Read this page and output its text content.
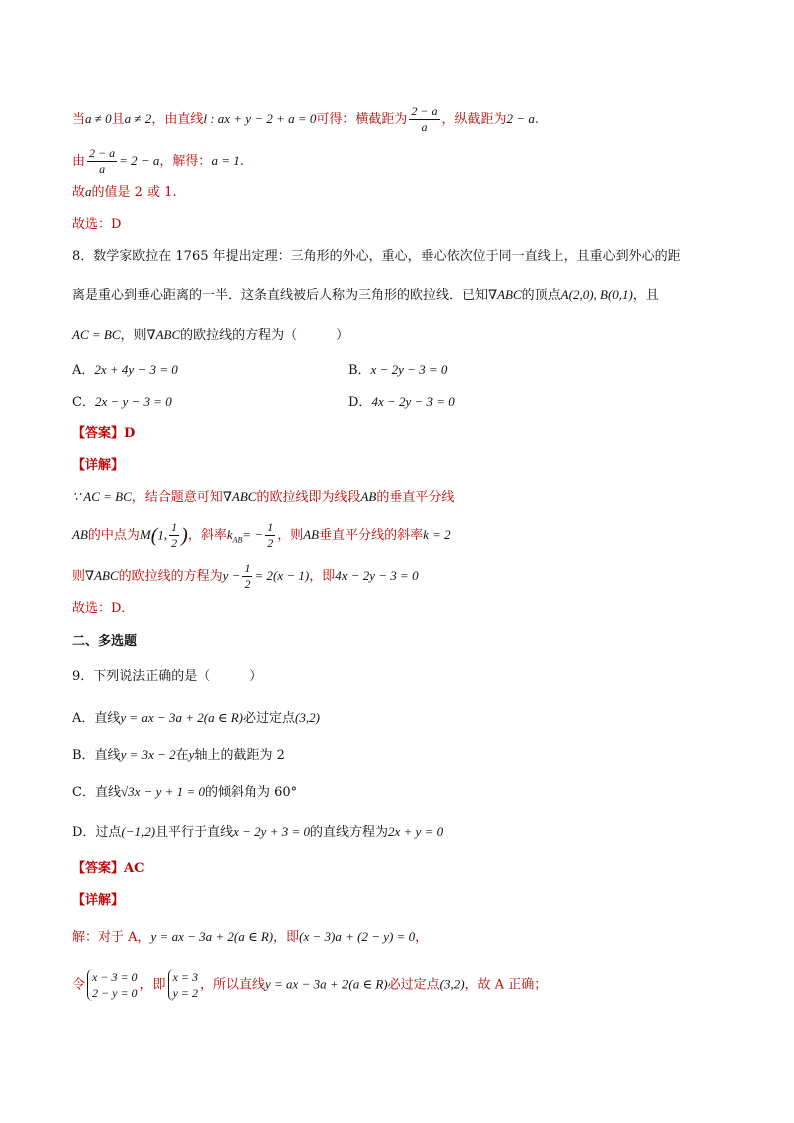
当a ≠ 0且a ≠ 2，由直线l : ax + y − 2 + a = 0可得：横截距为 $\frac{2 - a}{a}$ ，纵截距为2 − a.
由 $\frac{2 - a}{a} = 2 - a$，解得：a = 1.
故a的值是 2 或 1.
故选：D
8．数学家欧拉在 1765 年提出定理：三角形的外心，重心，垂心依次位于同一直线上，且重心到外心的距
离是重心到垂心距离的一半．这条直线被后人称为三角形的欧拉线．已知∇ABC的顶点A(2,0), B(0,1)，且
AC = BC，则∇ABC的欧拉线的方程为（　　　）
A．2x + 4y − 3 = 0	B．x − 2y − 3 = 0
C．2x − y − 3 = 0	D．4x − 2y − 3 = 0
【答案】D
【详解】
∵ AC = BC，结合题意可知∇ABC的欧拉线即为线段AB的垂直平分线
AB的中点为M(1, $\frac{1}{2}$ )，斜率$k_{AB}= - \frac{1}{2}$ ，则AB垂直平分线的斜率k = 2
则∇ABC的欧拉线的方程为$y - \frac{1}{2} = 2(x - 1)$，即4x − 2y − 3 = 0
故选：D．
二、多选题
9．下列说法正确的是（　　　）
A．直线y = ax − 3a + 2(a ∈ R)必过定点(3,2)
B．直线y = 3x − 2在y轴上的截距为 2
C．直线√3x − y + 1 = 0的倾斜角为 60°
D．过点(−1,2)且平行于直线x − 2y + 3 = 0的直线方程为2x + y = 0
【答案】AC
【详解】
解：对于 A，y = ax − 3a + 2(a ∈ R)，即(x − 3)a + (2 − y) = 0，
令
x − 3 = 0
2 − y = 0
，即
x = 3
y = 2
，所以直线y = ax − 3a + 2(a ∈ R)必过定点(3,2)，故 A 正确；
